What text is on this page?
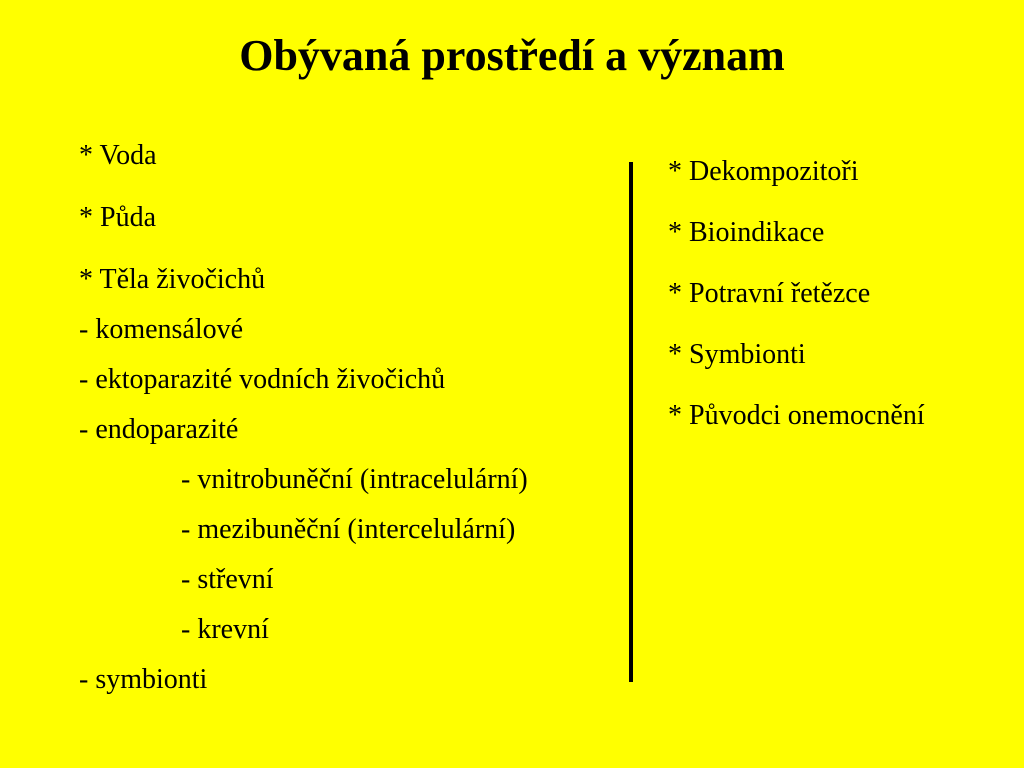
Obývaná prostředí a význam
* Voda
* Půda
* Těla živočichů
- komensálové
- ektoparazité vodních živočichů
- endoparazité
- vnitrobuněční (intracelulární)
- mezibuněční (intercelulární)
- střevní
- krevní
- symbionti
* Dekompozitoři
* Bioindikace
* Potravní řetězce
* Symbionti
* Původci onemocnění
